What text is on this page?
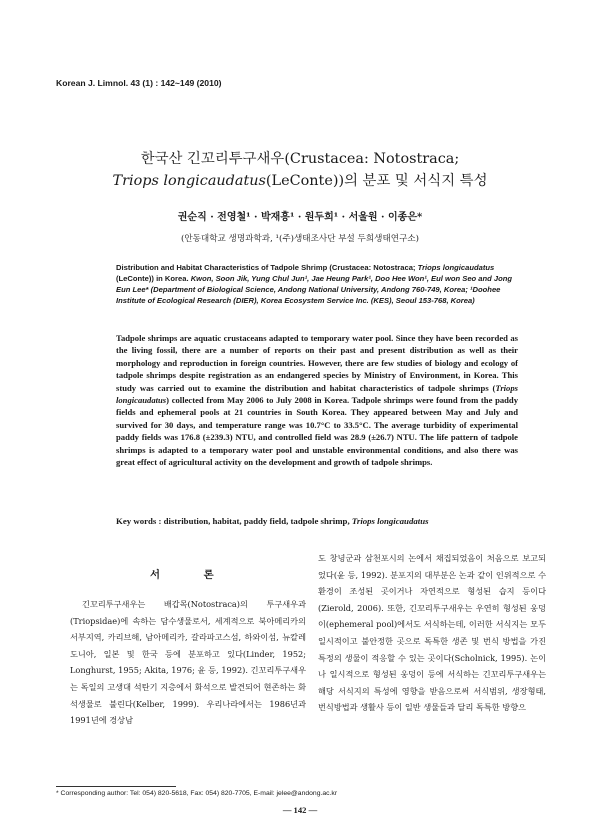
Korean J. Limnol. 43 (1) : 142~149 (2010)
한국산 긴꼬리투구새우(Crustacea: Notostraca;
Triops longicaudatus(LeConte))의 분포 및 서식지 특성
권순직 · 전영철¹ · 박재흥¹ · 원두희¹ · 서울원 · 이종은*
(안동대학교 생명과학과, ¹(주)생태조사단 부설 두희생태연구소)
Distribution and Habitat Characteristics of Tadpole Shrimp (Crustacea: Notostraca; Triops longicaudatus (LeConte)) in Korea. Kwon, Soon Jik, Yung Chul Jun¹, Jae Heung Park¹, Doo Hee Won¹, Eul won Seo and Jong Eun Lee* (Department of Biological Science, Andong National University, Andong 760-749, Korea; ¹Doohee Institute of Ecological Research (DIER), Korea Ecosystem Service Inc. (KES), Seoul 153-768, Korea)
Tadpole shrimps are aquatic crustaceans adapted to temporary water pool. Since they have been recorded as the living fossil, there are a number of reports on their past and present distribution as well as their morphology and reproduction in foreign countries. However, there are few studies of biology and ecology of tadpole shrimps despite registration as an endangered species by Ministry of Environment, in Korea. This study was carried out to examine the distribution and habitat characteristics of tadpole shrimps (Triops longicaudatus) collected from May 2006 to July 2008 in Korea. Tadpole shrimps were found from the paddy fields and ephemeral pools at 21 countries in South Korea. They appeared between May and July and survived for 30 days, and temperature range was 10.7°C to 33.5°C. The average turbidity of experimental paddy fields was 176.8 (±239.3) NTU, and controlled field was 28.9 (±26.7) NTU. The life pattern of tadpole shrimps is adapted to a temporary water pool and unstable environmental conditions, and also there was great effect of agricultural activity on the development and growth of tadpole shrimps.
Key words : distribution, habitat, paddy field, tadpole shrimp, Triops longicaudatus
서 론

긴꼬리투구새우는 배갑목(Notostraca)의 투구새우과(Triopsidae)에 속하는 담수생물로서, 세계적으로 북아메리카의 서부지역, 카리브해, 남아메리카, 갈라파고스섬, 하와이섬, 뉴칼레도니아, 일본 및 한국 등에 분포하고 있다(Linder, 1952; Longhurst, 1955; Akita, 1976; 윤 등, 1992). 긴꼬리투구새우는 독일의 고생대 석탄기 지층에서 화석으로 발견되어 현존하는 화석생물로 불린다(Kelber, 1999). 우리나라에서는 1986년과 1991년에 경상남

도 창녕군과 삼천포시의 논에서 채집되었음이 처음으로 보고되었다(윤 등, 1992). 분포지의 대부분은 논과 같이 인위적으로 수환경이 조성된 곳이거나 자연적으로 형성된 습지 등이다(Zierold, 2006). 또한, 긴꼬리투구새우는 우연히 형성된 웅덩이(ephemeral pool)에서도 서식하는데, 이러한 서식지는 모두 일시적이고 불안정한 곳으로 독특한 생존 및 번식 방법을 가진 특정의 생물이 적응할 수 있는 곳이다(Scholnick, 1995). 논이나 일시적으로 형성된 웅덩이 등에 서식하는 긴꼬리투구새우는 해당 서식지의 특성에 영향을 받음으로써 서식범위, 생장형태, 번식방법과 생활사 등이 일반 생물들과 달리 독특한 방향으

* Corresponding author: Tel: 054) 820-5618, Fax: 054) 820-7705, E-mail: jelee@andong.ac.kr
— 142 —
